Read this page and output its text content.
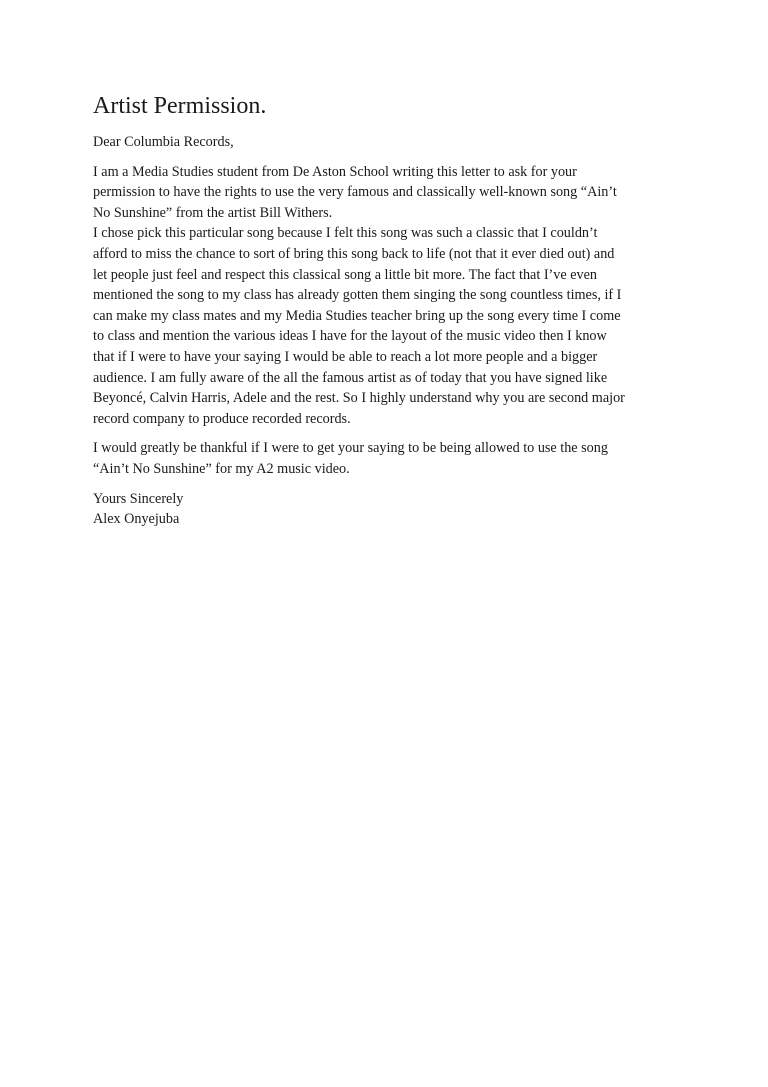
Artist Permission.

Dear Columbia Records,

I am a Media Studies student from De Aston School writing this letter to ask for your

permission to have the rights to use the very famous and classically well-known song “Ain’t

No Sunshine” from the artist Bill Withers.

I chose pick this particular song because I felt this song was such a classic that I couldn’t

afford to miss the chance to sort of bring this song back to life (not that it ever died out) and

let people just feel and respect this classical song a little bit more. The fact that I’ve even

mentioned the song to my class has already gotten them singing the song countless times, if I

can make my class mates and my Media Studies teacher bring up the song every time I come

to class and mention the various ideas I have for the layout of the music video then I know

that if I were to have your saying I would be able to reach a lot more people and a bigger

audience. I am fully aware of the all the famous artist as of today that you have signed like

Beyoncé, Calvin Harris, Adele and the rest. So I highly understand why you are second major

record company to produce recorded records.

I would greatly be thankful if I were to get your saying to be being allowed to use the song

“Ain’t No Sunshine” for my A2 music video.

Yours Sincerely

Alex Onyejuba
